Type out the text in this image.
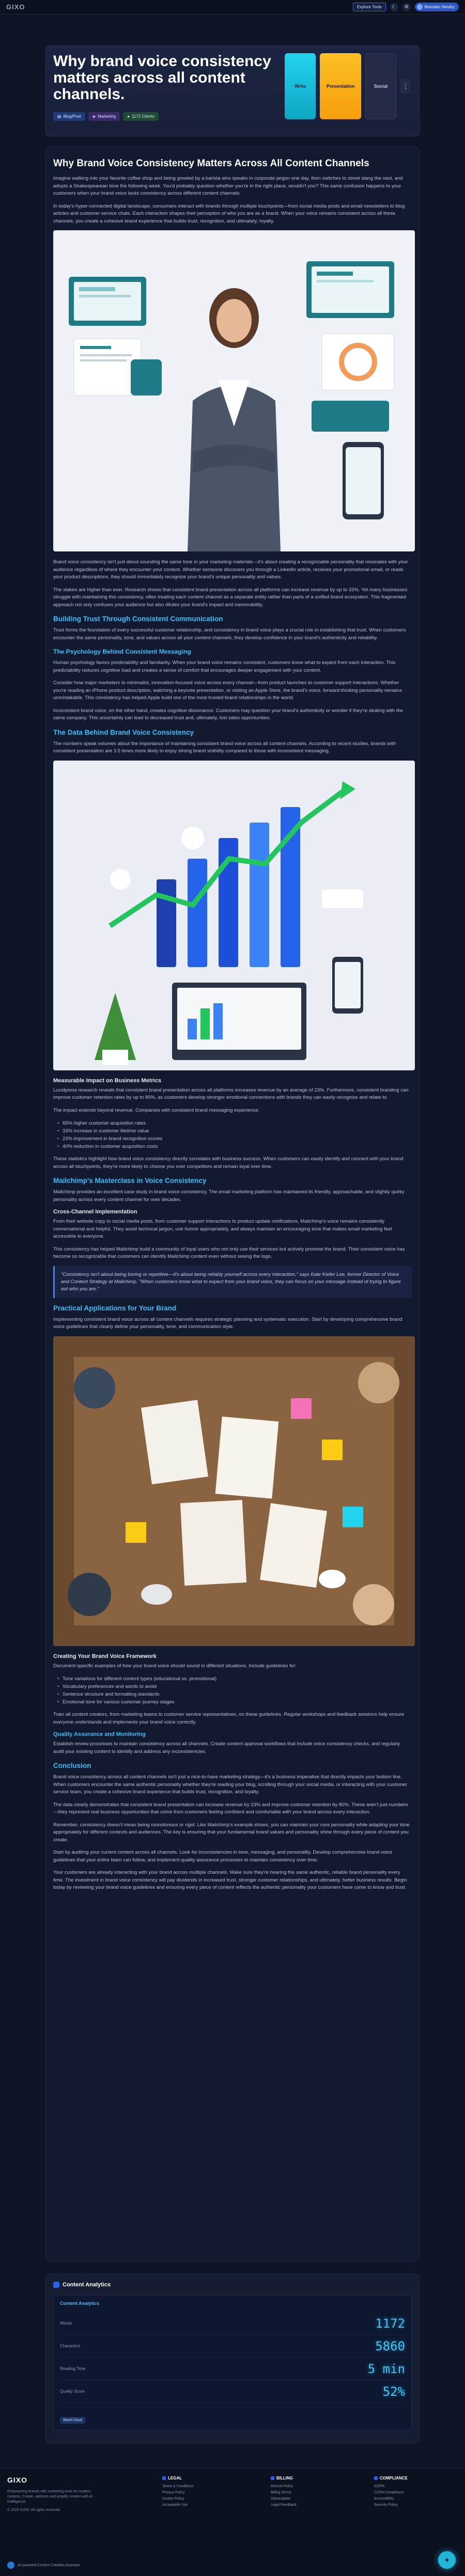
GIXO	Explore Tools	☾	⚙	Brendan Hendry
Why brand voice consistency matters across all content channels.
▤ Blog/Post	◈ Marketing	● 1172 Clients
Write	Presentation	Social	⋮
Why Brand Voice Consistency Matters Across All Content Channels

Imagine walking into your favorite coffee shop and being greeted by a barista who speaks in corporate jargon one day, then switches to street slang the next, and adopts a Shakespearean tone the following week. You'd probably question whether you're in the right place, wouldn't you? This same confusion happens to your customers when your brand voice lacks consistency across different content channels.

In today's hyper-connected digital landscape, consumers interact with brands through multiple touchpoints—from social media posts and email newsletters to blog articles and customer service chats. Each interaction shapes their perception of who you are as a brand. When your voice remains consistent across all these channels, you create a cohesive brand experience that builds trust, recognition, and ultimately, loyalty.

Brand voice consistency isn't just about sounding the same tone in your marketing materials—it's about creating a recognizable personality that resonates with your audience regardless of where they encounter your content. Whether someone discovers you through a LinkedIn article, receives your promotional email, or reads your product descriptions, they should immediately recognize your brand's unique personality and values.

The stakes are higher than ever. Research shows that consistent brand presentation across all platforms can increase revenue by up to 33%. Yet many businesses struggle with maintaining this consistency, often treating each content channel as a separate entity rather than parts of a unified brand ecosystem. This fragmented approach not only confuses your audience but also dilutes your brand's impact and memorability.

Building Trust Through Consistent Communication

Trust forms the foundation of every successful customer relationship, and consistency in brand voice plays a crucial role in establishing that trust. When customers encounter the same personality, tone, and values across all your content channels, they develop confidence in your brand's authenticity and reliability.

The Psychology Behind Consistent Messaging

Human psychology favors predictability and familiarity. When your brand voice remains consistent, customers know what to expect from each interaction. This predictability reduces cognitive load and creates a sense of comfort that encourages deeper engagement with your content.

Consider how major marketers to minimalist, innovation-focused voice across every channel—from product launches to customer support interactions. Whether you're reading an iPhone product description, watching a keynote presentation, or visiting an Apple Store, the brand's voice, forward-thinking personality remains unmistakable. This consistency has helped Apple build one of the most trusted brand relationships in the world.

Inconsistent brand voice, on the other hand, creates cognitive dissonance. Customers may question your brand's authenticity or wonder if they're dealing with the same company. This uncertainty can lead to decreased trust and, ultimately, lost sales opportunities.

The Data Behind Brand Voice Consistency

The numbers speak volumes about the importance of maintaining consistent brand voice across all content channels. According to recent studies, brands with consistent presentation are 3.5 times more likely to enjoy strong brand visibility compared to those with inconsistent messaging.

Measurable Impact on Business Metrics

Lucidpress research reveals that consistent brand presentation across all platforms increases revenue by an average of 23%. Furthermore, consistent branding can improve customer retention rates by up to 80%, as customers develop stronger emotional connections with brands they can easily recognize and relate to.

The impact extends beyond revenue. Companies with consistent brand messaging experience:

• 65% higher customer acquisition rates
• 33% increase in customer lifetime value
• 23% improvement in brand recognition scores
• 40% reduction in customer acquisition costs

These statistics highlight how brand voice consistency directly correlates with business success. When customers can easily identify and connect with your brand across all touchpoints, they're more likely to choose you over competitors and remain loyal over time.

Mailchimp's Masterclass in Voice Consistency

Mailchimp provides an excellent case study in brand voice consistency. The email marketing platform has maintained its friendly, approachable, and slightly quirky personality across every content channel for over decades.

Cross-Channel Implementation

From their website copy to social media posts, from customer support interactions to product update notifications, Mailchimp's voice remains consistently conversational and helpful. They avoid technical jargon, use humor appropriately, and always maintain an encouraging tone that makes email marketing feel accessible to everyone.

This consistency has helped Mailchimp build a community of loyal users who not only use their services but actively promote the brand. Their consistent voice has become so recognizable that customers can identify Mailchimp content even without seeing the logo.

"Consistency isn't about being boring or repetitive—it's about being reliably yourself across every interaction," says Kate Kiefer Lee, former Director of Voice and Content Strategy at Mailchimp. "When customers know what to expect from your brand voice, they can focus on your message instead of trying to figure out who you are."
Practical Applications for Your Brand

Implementing consistent brand voice across all content channels requires strategic planning and systematic execution. Start by developing comprehensive brand voice guidelines that clearly define your personality, tone, and communication style.

Creating Your Brand Voice Framework

Document specific examples of how your brand voice should sound in different situations. Include guidelines for:

• Tone variations for different content types (educational vs. promotional)
• Vocabulary preferences and words to avoid
• Sentence structure and formatting standards
• Emotional tone for various customer journey stages

Train all content creators, from marketing teams to customer service representatives, on these guidelines. Regular workshops and feedback sessions help ensure everyone understands and implements your brand voice correctly.

Quality Assurance and Monitoring

Establish review processes to maintain consistency across all channels. Create content approval workflows that include voice consistency checks, and regularly audit your existing content to identify and address any inconsistencies.

Conclusion

Brand voice consistency across all content channels isn't just a nice-to-have marketing strategy—it's a business imperative that directly impacts your bottom line. When customers encounter the same authentic personality whether they're reading your blog, scrolling through your social media, or interacting with your customer service team, you create a cohesive brand experience that builds trust, recognition, and loyalty.

The data clearly demonstrates that consistent brand presentation can increase revenue by 23% and improve customer retention by 80%. These aren't just numbers—they represent real business opportunities that come from customers feeling confident and comfortable with your brand across every interaction.

Remember, consistency doesn't mean being monotonous or rigid. Like Mailchimp's example shows, you can maintain your core personality while adapting your tone appropriately for different contexts and audiences. The key is ensuring that your fundamental brand values and personality shine through every piece of content you create.

Start by auditing your current content across all channels. Look for inconsistencies in tone, messaging, and personality. Develop comprehensive brand voice guidelines that your entire team can follow, and implement quality assurance processes to maintain consistency over time.

Your customers are already interacting with your brand across multiple channels. Make sure they're hearing the same authentic, reliable brand personality every time. The investment in brand voice consistency will pay dividends in increased trust, stronger customer relationships, and ultimately, better business results. Begin today by reviewing your brand voice guidelines and ensuring every piece of content reflects the authentic personality your customers have come to know and trust.

Content Analytics
Content Analytics
Words	1172
Characters	5860
Reading Time	5 min
Quality Score	52%
Word Cloud
GIXO

Empowering brands with marketing tools for modern creators. Create, optimize and amplify content with AI intelligence.

© 2025 GIXO. All rights reserved.

LEGAL
Terms & Conditions
Privacy Policy
Cookie Policy
Acceptable Use
BILLING
Refund Policy
Billing Terms
Subscription
Legal Feedback
COMPLIANCE
GDPR
CCPA Compliance
Accessibility
Security Policy
AI-powered Content Creation Assistant
✦
